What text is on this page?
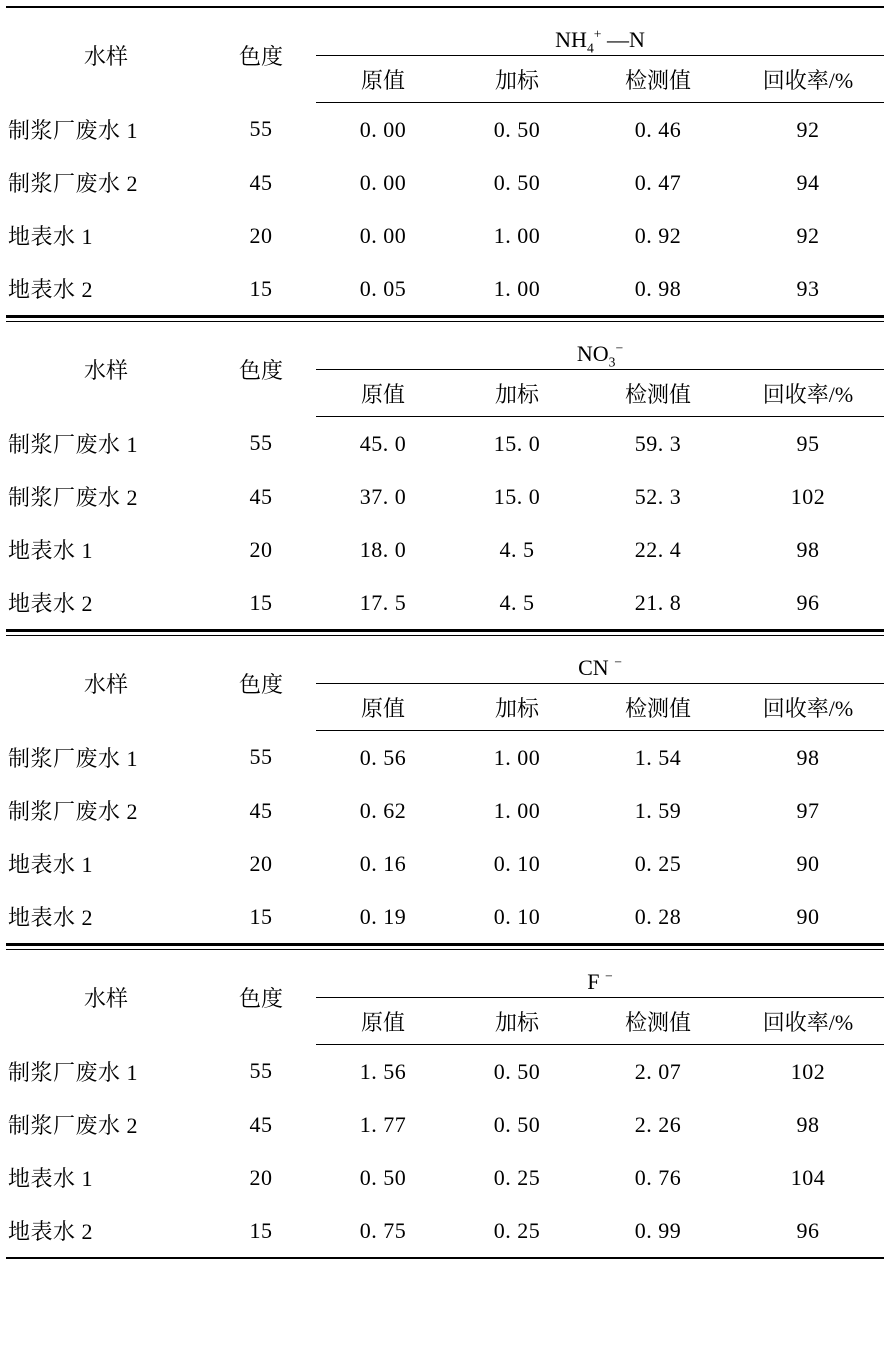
水样	色度	$NH_4^+$ —N			
		原值	加标	检测值	回收率/%
制浆厂废水 1	55	0. 00	0. 50	0. 46	92
制浆厂废水 2	45	0. 00	0. 50	0. 47	94
地表水 1	20	0. 00	1. 00	0. 92	92
地表水 2	15	0. 05	1. 00	0. 98	93

水样	色度	$NO_3^-$
		原值	加标	检测值	回收率/%
制浆厂废水 1	55	45. 0	15. 0	59. 3	95
制浆厂废水 2	45	37. 0	15. 0	52. 3	102
地表水 1	20	18. 0	4. 5	22. 4	98
地表水 2	15	17. 5	4. 5	21. 8	96

水样	色度	CN −
		原值	加标	检测值	回收率/%
制浆厂废水 1	55	0. 56	1. 00	1. 54	98
制浆厂废水 2	45	0. 62	1. 00	1. 59	97
地表水 1	20	0. 16	0. 10	0. 25	90
地表水 2	15	0. 19	0. 10	0. 28	90

水样	色度	F −
		原值	加标	检测值	回收率/%
制浆厂废水 1	55	1. 56	0. 50	2. 07	102
制浆厂废水 2	45	1. 77	0. 50	2. 26	98
地表水 1	20	0. 50	0. 25	0. 76	104
地表水 2	15	0. 75	0. 25	0. 99	96
